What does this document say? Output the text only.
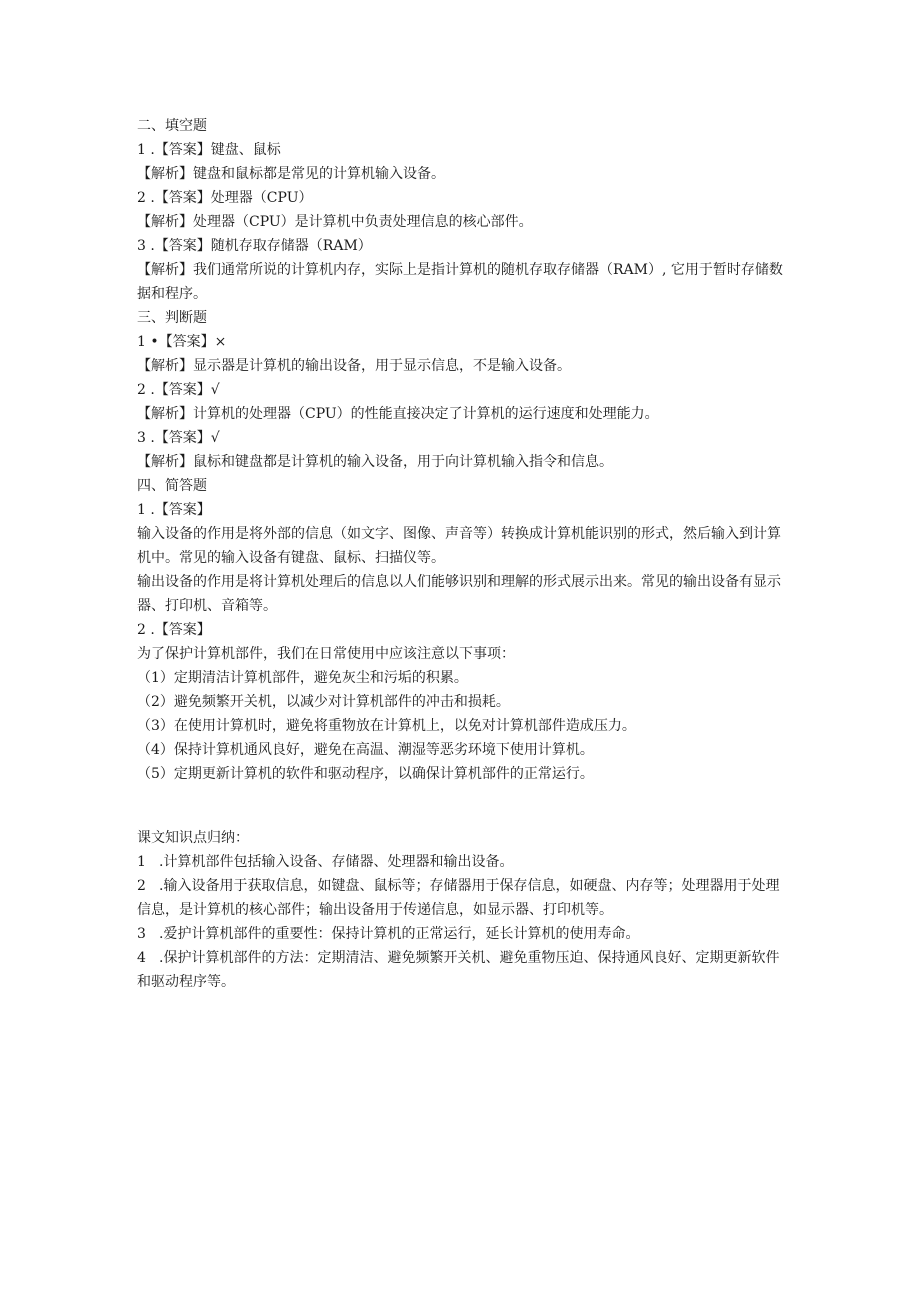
二、填空题

1 .【答案】键盘、鼠标

【解析】键盘和鼠标都是常见的计算机输入设备。

2 .【答案】处理器（CPU）

【解析】处理器（CPU）是计算机中负责处理信息的核心部件。

3 .【答案】随机存取存储器（RAM）

【解析】我们通常所说的计算机内存，实际上是指计算机的随机存取存储器（RAM）, 它用于暂时存储数据和程序。

三、判断题

1 •【答案】×

【解析】显示器是计算机的输出设备，用于显示信息，不是输入设备。

2 .【答案】√

【解析】计算机的处理器（CPU）的性能直接决定了计算机的运行速度和处理能力。

3 .【答案】√

【解析】鼠标和键盘都是计算机的输入设备，用于向计算机输入指令和信息。

四、简答题

1 .【答案】

输入设备的作用是将外部的信息（如文字、图像、声音等）转换成计算机能识别的形式，然后输入到计算机中。常见的输入设备有键盘、鼠标、扫描仪等。

输出设备的作用是将计算机处理后的信息以人们能够识别和理解的形式展示出来。常见的输出设备有显示器、打印机、音箱等。

2 .【答案】

为了保护计算机部件，我们在日常使用中应该注意以下事项：

（1）定期清洁计算机部件，避免灰尘和污垢的积累。

（2）避免频繁开关机，以减少对计算机部件的冲击和损耗。

（3）在使用计算机时，避免将重物放在计算机上，以免对计算机部件造成压力。

（4）保持计算机通风良好，避免在高温、潮湿等恶劣环境下使用计算机。

（5）定期更新计算机的软件和驱动程序，以确保计算机部件的正常运行。

课文知识点归纳：

1 .计算机部件包括输入设备、存储器、处理器和输出设备。

2 .输入设备用于获取信息，如键盘、鼠标等；存储器用于保存信息，如硬盘、内存等；处理器用于处理信息，是计算机的核心部件；输出设备用于传递信息，如显示器、打印机等。

3 .爱护计算机部件的重要性：保持计算机的正常运行，延长计算机的使用寿命。

4 .保护计算机部件的方法：定期清洁、避免频繁开关机、避免重物压迫、保持通风良好、定期更新软件和驱动程序等。
